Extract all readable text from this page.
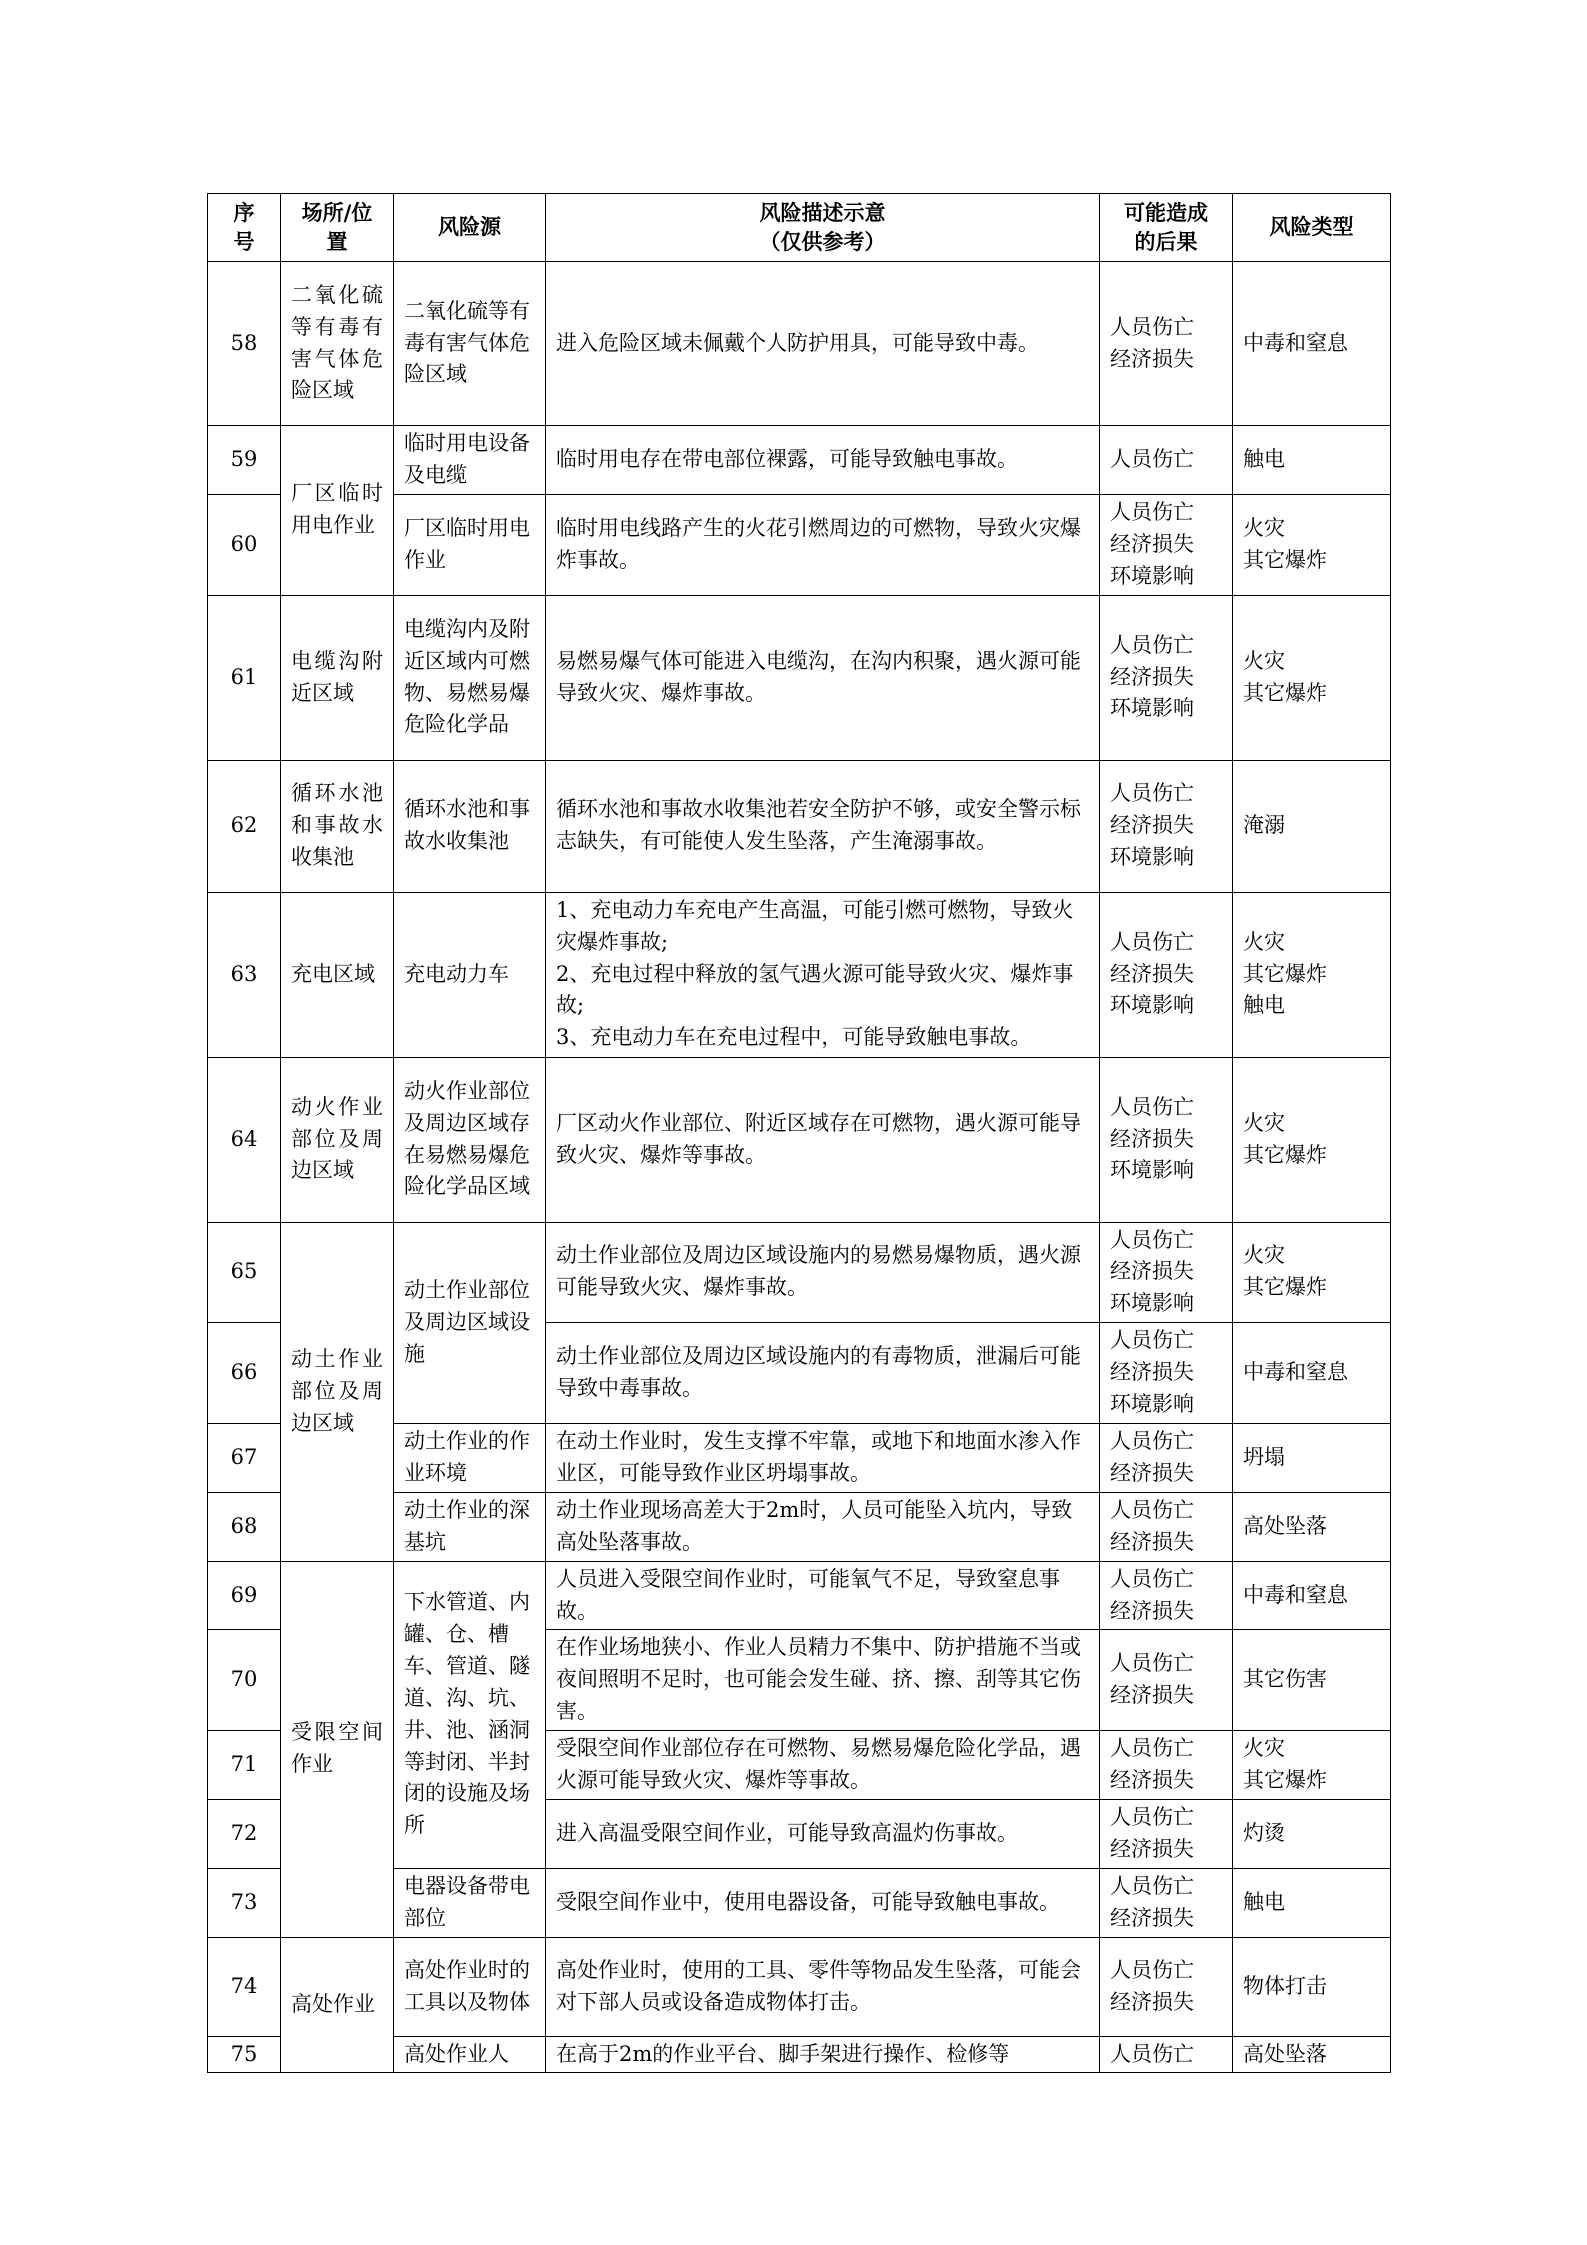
序
号	场所/位
置	风险源	风险描述示意
（仅供参考）	可能造成
的后果	风险类型

58	二氧化硫等有毒有害气体危险区域	二氧化硫等有毒有害气体危险区域	进入危险区域未佩戴个人防护用具，可能导致中毒。	人员伤亡
经济损失	中毒和窒息

59	厂区临时用电作业	临时用电设备及电缆	临时用电存在带电部位裸露，可能导致触电事故。	人员伤亡	触电

60		厂区临时用电作业	临时用电线路产生的火花引燃周边的可燃物，导致火灾爆炸事故。	人员伤亡
经济损失
环境影响	火灾
其它爆炸

61	电缆沟附近区域	电缆沟内及附近区域内可燃物、易燃易爆危险化学品	易燃易爆气体可能进入电缆沟，在沟内积聚，遇火源可能导致火灾、爆炸事故。	人员伤亡
经济损失
环境影响	火灾
其它爆炸

62	循环水池和事故水收集池	循环水池和事故水收集池	循环水池和事故水收集池若安全防护不够，或安全警示标志缺失，有可能使人发生坠落，产生淹溺事故。	人员伤亡
经济损失
环境影响	淹溺

63	充电区域	充电动力车	1、充电动力车充电产生高温，可能引燃可燃物，导致火灾爆炸事故;
2、充电过程中释放的氢气遇火源可能导致火灾、爆炸事故;
3、充电动力车在充电过程中，可能导致触电事故。	人员伤亡
经济损失
环境影响	火灾
其它爆炸
触电

64	动火作业部位及周边区域	动火作业部位及周边区域存在易燃易爆危险化学品区域	厂区动火作业部位、附近区域存在可燃物，遇火源可能导致火灾、爆炸等事故。	人员伤亡
经济损失
环境影响	火灾
其它爆炸

65	动土作业部位及周边区域	动土作业部位及周边区域设施	动土作业部位及周边区域设施内的易燃易爆物质，遇火源可能导致火灾、爆炸事故。	人员伤亡
经济损失
环境影响	火灾
其它爆炸

66			动土作业部位及周边区域设施内的有毒物质，泄漏后可能导致中毒事故。	人员伤亡
经济损失
环境影响	中毒和窒息

67		动土作业的作业环境	在动土作业时，发生支撑不牢靠，或地下和地面水渗入作业区，可能导致作业区坍塌事故。	人员伤亡
经济损失	坍塌

68		动土作业的深基坑	动土作业现场高差大于2m时，人员可能坠入坑内，导致高处坠落事故。	人员伤亡
经济损失	高处坠落

69	受限空间作业	下水管道、内罐、仓、槽车、管道、隧道、沟、坑、井、池、涵洞等封闭、半封闭的设施及场所	人员进入受限空间作业时，可能氧气不足，导致窒息事故。	人员伤亡
经济损失	中毒和窒息

70			在作业场地狭小、作业人员精力不集中、防护措施不当或夜间照明不足时，也可能会发生碰、挤、擦、刮等其它伤害。	人员伤亡
经济损失	其它伤害

71			受限空间作业部位存在可燃物、易燃易爆危险化学品，遇火源可能导致火灾、爆炸等事故。	人员伤亡
经济损失	火灾
其它爆炸

72			进入高温受限空间作业，可能导致高温灼伤事故。	人员伤亡
经济损失	灼烫

73		电器设备带电部位	受限空间作业中，使用电器设备，可能导致触电事故。	人员伤亡
经济损失	触电

74	高处作业	高处作业时的工具以及物体	高处作业时，使用的工具、零件等物品发生坠落，可能会对下部人员或设备造成物体打击。	人员伤亡
经济损失	物体打击

75		高处作业人	在高于2m的作业平台、脚手架进行操作、检修等	人员伤亡	高处坠落
